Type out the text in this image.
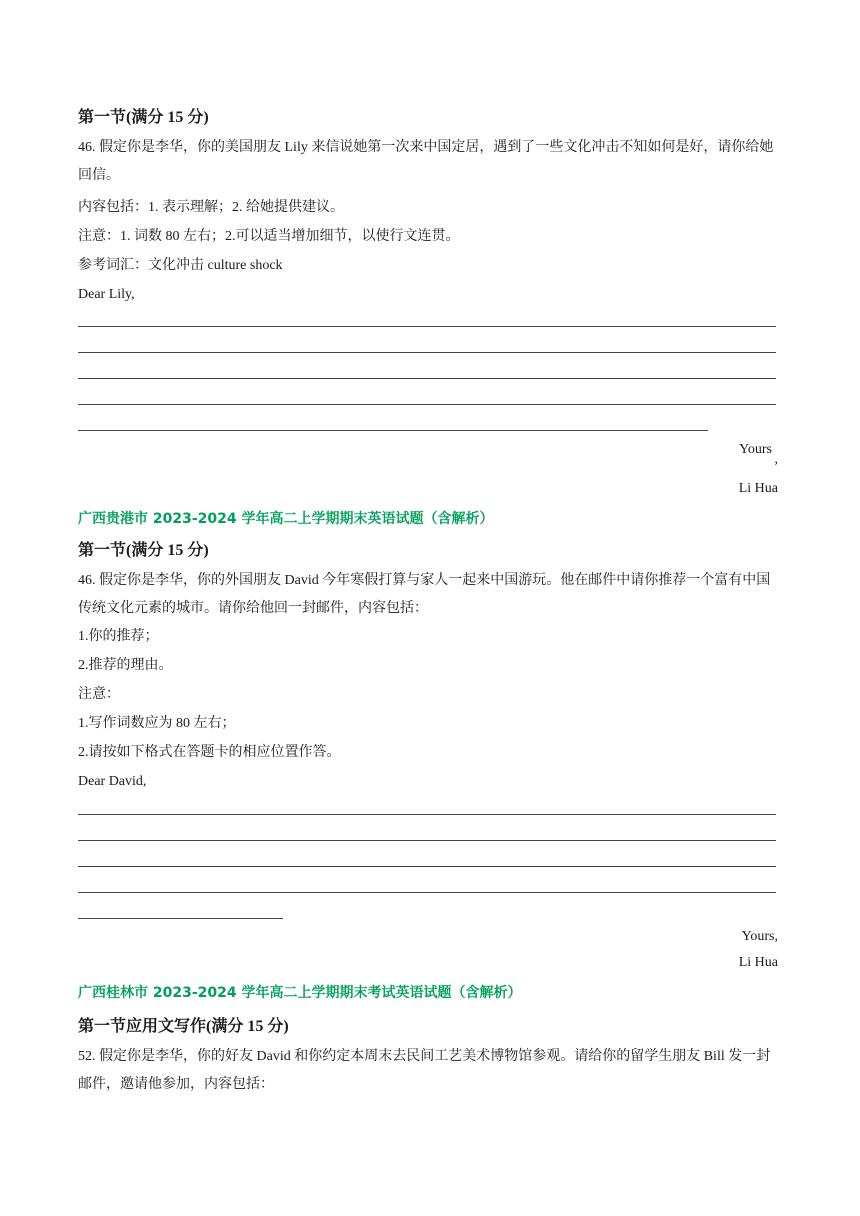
第一节(满分 15 分)
46. 假定你是李华，你的美国朋友 Lily 来信说她第一次来中国定居，遇到了一些文化冲击不知如何是好，请你给她回信。
内容包括：1. 表示理解；2. 给她提供建议。
注意：1. 词数 80 左右；2.可以适当增加细节，以使行文连贯。
参考词汇：文化冲击 culture shock
Dear Lily,
Yours
,
Li Hua
广西贵港市 2023-2024 学年高二上学期期末英语试题（含解析）
第一节(满分 15 分)
46. 假定你是李华，你的外国朋友 David 今年寒假打算与家人一起来中国游玩。他在邮件中请你推荐一个富有中国传统文化元素的城市。请你给他回一封邮件，内容包括：
1.你的推荐；
2.推荐的理由。
注意：
1.写作词数应为 80 左右；
2.请按如下格式在答题卡的相应位置作答。
Dear David,
Yours,
Li Hua
广西桂林市 2023-2024 学年高二上学期期末考试英语试题（含解析）
第一节应用文写作(满分 15 分)
52. 假定你是李华，你的好友 David 和你约定本周末去民间工艺美术博物馆参观。请给你的留学生朋友 Bill 发一封邮件，邀请他参加，内容包括：
